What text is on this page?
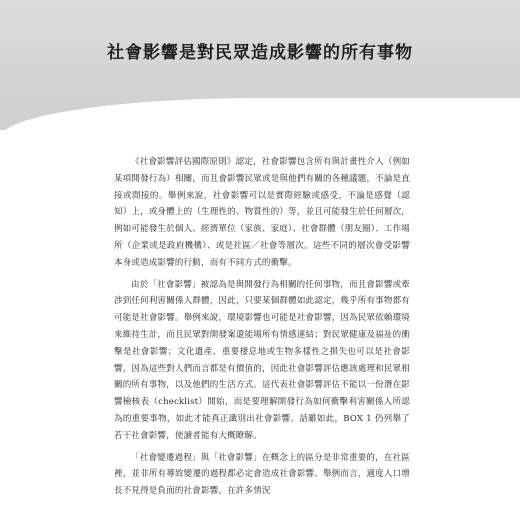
社會影響是對民眾造成影響的所有事物

《社會影響評估國際原則》認定，社會影響包含所有與計畫性介入（例如某項開發行為）相關，而且會影響民眾或是與他們有關的各種議題，不論是直接或間接的。舉例來說，社會影響可以是實際經驗或感受，不論是感覺（認知）上，或身體上的（生理性的、物質性的）等，並且可能發生於任何層次，例如可能發生於個人、經濟單位（家族、家庭）、社會群體（朋友圈）、工作場所（企業或是政府機構）、或是社區／社會等層次。這些不同的層次會受影響本身或造成影響的行動，而有不同方式的衝擊。

由於「社會影響」被認為是與開發行為相關的任何事物，而且會影響或牽涉到任何利害關係人群體，因此，只要某個群體如此認定，幾乎所有事物都有可能是社會影響。舉例來說，環境影響也可能是社會影響，因為民眾依賴環境來維持生計，而且民眾對開發案還能場所有情感連結；對民眾健康及福祉的衝擊是社會影響；文化遺產、重要棲息地或生物多樣性之損失也可以是社會影響，因為這些對人們而言都是有價值的，因此社會影響評估應該處理和民眾相關的所有事物，以及他們的生活方式。這代表社會影響評估不能以一份潛在影響檢核表（checklist）開始，而是要理解開發行為如何衝擊利害關係人所認為的重要事物，如此才能真正識別出社會影響。話雖如此，BOX 1 仍列舉了若干社會影響，使讀者能有大概瞭解。

「社會變遷過程」與「社會影響」在概念上的區分是非常重要的，在社區裡，並非所有導致變遷的過程都必定會造成社會影響。舉例而言，適度人口增長不見得是負面的社會影響，在許多情況
